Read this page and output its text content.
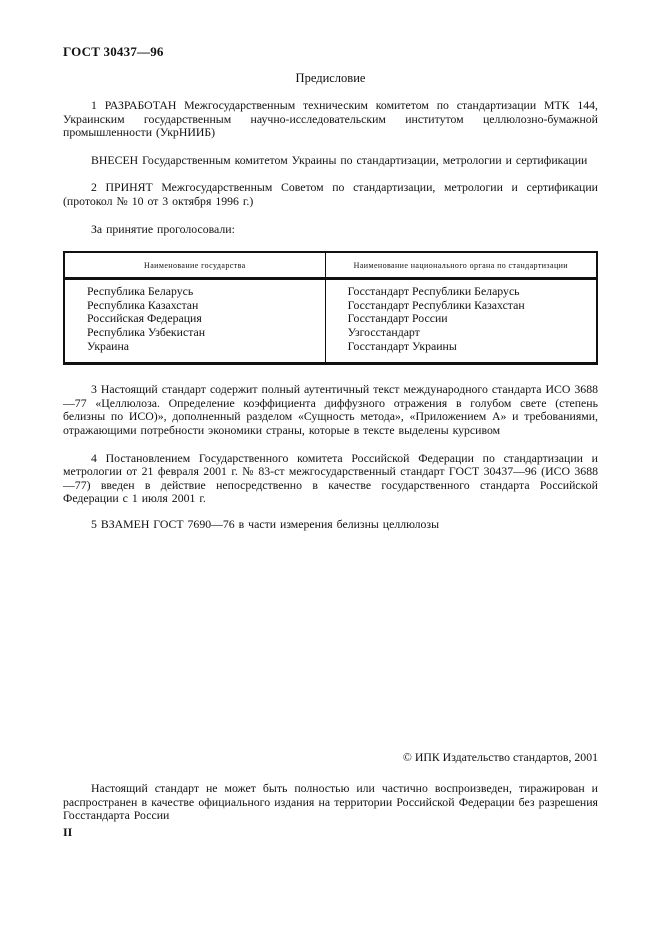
ГОСТ 30437—96
Предисловие
1 РАЗРАБОТАН Межгосударственным техническим комитетом по стандартизации МТК 144, Украинским государственным научно-исследовательским институтом целлюлозно-бумажной промышленности (УкрНИИБ)
ВНЕСЕН Государственным комитетом Украины по стандартизации, метрологии и сертификации
2 ПРИНЯТ Межгосударственным Советом по стандартизации, метрологии и сертификации (протокол № 10 от 3 октября 1996 г.)
За принятие проголосовали:
Наименование государства	Наименование национального органа по стандартизации
Республика Беларусь	Госстандарт Республики Беларусь
Республика Казахстан	Госстандарт Республики Казахстан
Российская Федерация	Госстандарт России
Республика Узбекистан	Узгосстандарт
Украина	Госстандарт Украины
3 Настоящий стандарт содержит полный аутентичный текст международного стандарта ИСО 3688—77 «Целлюлоза. Определение коэффициента диффузного отражения в голубом свете (степень белизны по ИСО)», дополненный разделом «Сущность метода», «Приложением А» и требованиями, отражающими потребности экономики страны, которые в тексте выделены курсивом
4 Постановлением Государственного комитета Российской Федерации по стандартизации и метрологии от 21 февраля 2001 г. № 83-ст межгосударственный стандарт ГОСТ 30437—96 (ИСО 3688—77) введен в действие непосредственно в качестве государственного стандарта Российской Федерации с 1 июля 2001 г.
5 ВЗАМЕН ГОСТ 7690—76 в части измерения белизны целлюлозы
© ИПК Издательство стандартов, 2001
Настоящий стандарт не может быть полностью или частично воспроизведен, тиражирован и распространен в качестве официального издания на территории Российской Федерации без разрешения Госстандарта России
II
